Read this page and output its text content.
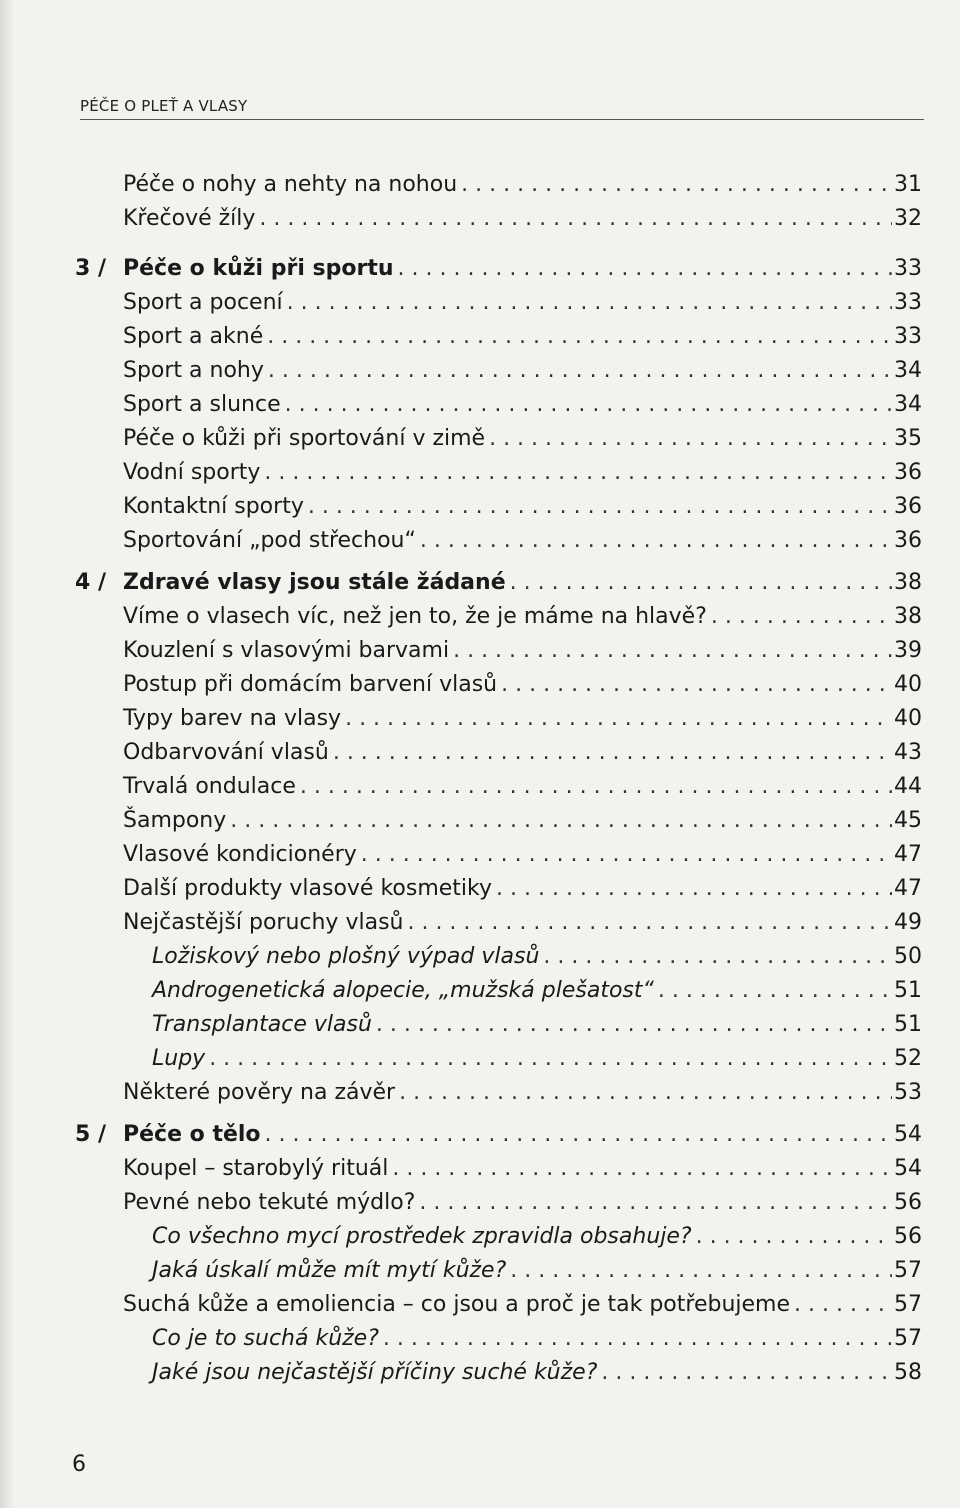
PÉČE O PLEŤ A VLASY
Péče o nohy a nehty na nohou . . .	31
Křečové žíly . . .	32
3 / Péče o kůži při sportu . . .	33
Sport a pocení . . .	33
Sport a akné . . .	33
Sport a nohy . . .	34
Sport a slunce . . .	34
Péče o kůži při sportování v zimě . . .	35
Vodní sporty . . .	36
Kontaktní sporty . . .	36
Sportování „pod střechou“ . . .	36
4 / Zdravé vlasy jsou stále žádané . . .	38
Víme o vlasech víc, než jen to, že je máme na hlavě? . . .	38
Kouzlení s vlasovými barvami . . .	39
Postup při domácím barvení vlasů . . .	40
Typy barev na vlasy . . .	40
Odbarvování vlasů . . .	43
Trvalá ondulace . . .	44
Šampony . . .	45
Vlasové kondicionéry . . .	47
Další produkty vlasové kosmetiky . . .	47
Nejčastější poruchy vlasů . . .	49
Ložiskový nebo plošný výpad vlasů . . .	50
Androgenetická alopecie, „mužská plešatost“ . . .	51
Transplantace vlasů . . .	51
Lupy . . .	52
Některé pověry na závěr . . .	53
5 / Péče o tělo . . .	54
Koupel – starobylý rituál . . .	54
Pevné nebo tekuté mýdlo? . . .	56
Co všechno mycí prostředek zpravidla obsahuje? . . .	56
Jaká úskalí může mít mytí kůže? . . .	57
Suchá kůže a emoliencia – co jsou a proč je tak potřebujeme . . .	57
Co je to suchá kůže? . . .	57
Jaké jsou nejčastější příčiny suché kůže? . . .	58
6
